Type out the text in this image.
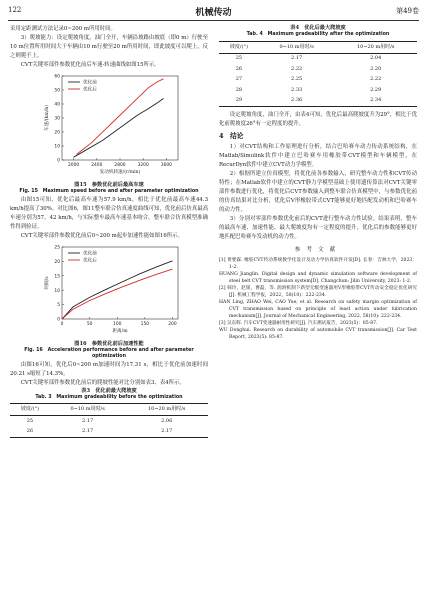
122	机械传动	第49卷

采用定距测试方法记录0~200 m所用时间。

3）爬坡能力：设定爬坡角度，油门全开，车辆沿坡路由坡底（即0 m）行驶至10 m位置所用时间大于车辆由10 m行驶至20 m所用时间，即此坡度可以爬上，反之则爬不上。

CVT关键零部件参数优化前后车速-转速曲线如图15所示。

0
10
20
30
40
50
60
2000	2400	2800	3200	3600
发动机转速/(r/min)
车速/(km/h)
优化前
优化后
图15　参数优化前后最高车速
Fig. 15　Maximum speed before and after parameter optimization

由图15可知，优化后最高车速为57.9 km/h，相比于优化前最高车速44.3 km/h提高了30%。对比图6，图11整车联合仿真速度曲线可知，优化前后仿真最高车速分别为57、42 km/h，与实际整车最高车速基本吻合，整车联合仿真模型准确性得到验证。

CVT关键零部件参数优化前后0~200 m起步加速性能如图16所示。

0
5
10
15
20
25
0	50	100	150	200
距离/m
时间/s
优化前
优化后
图16　参数优化前后加速性能
Fig. 16　Acceleration performance before and after parameter optimization

由图16可知，优化后0~200 m加速时间为17.31 s，相比于优化前加速时间20.21 s缩短了14.3%。

CVT关键零部件参数优化前后的爬坡性能对比分别如表3、表4所示。

表3　优化前最大爬坡度
Tab. 3　Maximum gradeability before the optimization
坡度/(°)	0~10 m用时/s	10~20 m用时/s
25	2.17	2.06
26	2.17	2.17
表4　优化后最大爬坡度
Tab. 4　Maximum gradeability after the optimization
坡度/(°)	0~10 m用时/s	10~20 m用时/s
25	2.17	2.04
26	2.22	2.20
27	2.25	2.22
28	2.33	2.29
29	2.36	2.34

设定爬坡角度，油门全开，由表4可知，优化后最高爬坡度升为29°，相比于优化前爬坡度26°有一定程度的提升。

4　结论

1）对CVT结构和工作原理进行分析，结合巴哈赛车动力传动系统结构，在Matlab/Simulink软件中建立巴哈赛车用橡胶带CVT模型和车辆模型，在RecurDyn软件中建立CVT动力学模型。

2）根据所建立仿真模型，将优化前各参数输入，研究整车动力性和CVT传动特性；在Matlab软件中建立的CVT静力学模型基础上使用遗传算法对CVT关键零部件参数进行优化，将优化后CVT参数输入到整车联合仿真模型中，与参数优化前的仿真结果对比分析，优化后V形橡胶带式CVT能够更好地匹配发动机和巴哈赛车的动力性。

3）分别对零部件参数优化前后的CVT进行整车动力性试验。结果表明，整车的最高车速、加速性能、最大爬坡度均有一定程度的提升，优化后的参数能够更好地匹配巴哈赛车发动机的动力性。

参考文献
[1] 黄要霖. 橡胶CVT传动系统数学化设计及动力学仿真软件开发[D]. 长春：吉林大学，2023：1-2.
HUANG Jianglin. Digital design and dynamic simulation software development of steel belt CVT transmission system[D]. Changchun: Jilin University, 2023: 1-2.
[2] 韩玲，赵银，曹磊，等. 润滑机制下新型无级变速器用V形橡胶带CVT传动安全稳定优化研究[J]. 机械工程学报，2022，58(10)：222-234.
HAN Ling, ZHAO Wei, CAO Yue, et al. Research on safety margin optimization of CVT transmission based on principle of least action under lubrication mechanism[J]. Journal of Mechanical Engineering, 2022, 58(10): 222-234.
[3] 吴东辉. 汽车CVT变速器耐用性研究[J]. 汽车测试报告，2023(5)：85-87.
WU Donghui. Research on durability of automobile CVT transmission[J]. Car Test Report, 2023(5): 85-87.
